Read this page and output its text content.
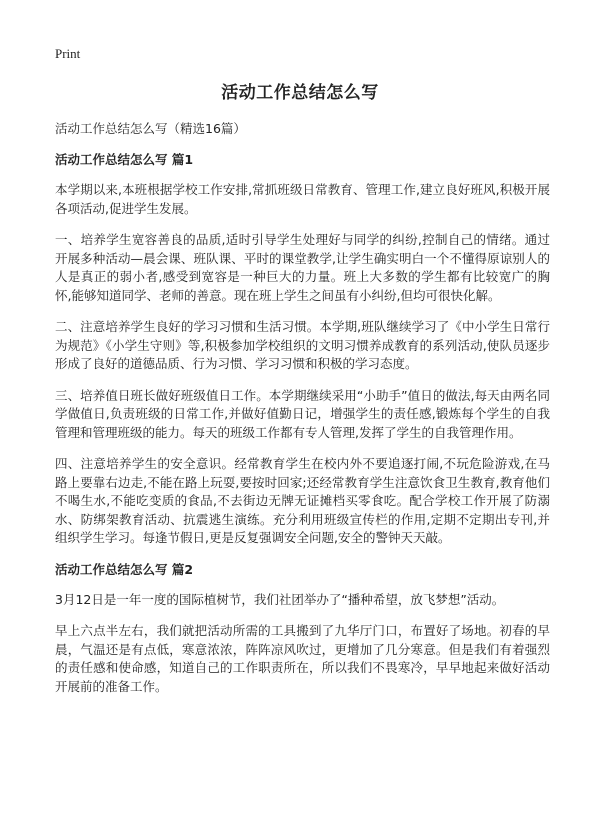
Print
活动工作总结怎么写

活动工作总结怎么写（精选16篇）

活动工作总结怎么写 篇1

本学期以来,本班根据学校工作安排,常抓班级日常教育、管理工作,建立良好班风,积极开展各项活动,促进学生发展。

一、培养学生宽容善良的品质,适时引导学生处理好与同学的纠纷,控制自己的情绪。通过开展多种活动—晨会课、班队课、平时的课堂教学,让学生确实明白一个不懂得原谅别人的人是真正的弱小者,感受到宽容是一种巨大的力量。班上大多数的学生都有比较宽广的胸怀,能够知道同学、老师的善意。现在班上学生之间虽有小纠纷,但均可很快化解。

二、注意培养学生良好的学习习惯和生活习惯。本学期,班队继续学习了《中小学生日常行为规范》《小学生守则》等,积极参加学校组织的文明习惯养成教育的系列活动,使队员逐步形成了良好的道德品质、行为习惯、学习习惯和积极的学习态度。

三、培养值日班长做好班级值日工作。本学期继续采用“小助手”值日的做法,每天由两名同学做值日,负责班级的日常工作,并做好值勤日记，增强学生的责任感,锻炼每个学生的自我管理和管理班级的能力。每天的班级工作都有专人管理,发挥了学生的自我管理作用。

四、注意培养学生的安全意识。经常教育学生在校内外不要追逐打闹,不玩危险游戏,在马路上要靠右边走,不能在路上玩耍,要按时回家;还经常教育学生注意饮食卫生教育,教育他们不喝生水,不能吃变质的食品,不去街边无牌无证摊档买零食吃。配合学校工作开展了防溺水、防绑架教育活动、抗震逃生演练。充分利用班级宣传栏的作用,定期不定期出专刊,并组织学生学习。每逢节假日,更是反复强调安全问题,安全的警钟天天敲。

活动工作总结怎么写 篇2

3月12日是一年一度的国际植树节，我们社团举办了“播种希望，放飞梦想”活动。

早上六点半左右，我们就把活动所需的工具搬到了九华厅门口，布置好了场地。初春的早晨，气温还是有点低，寒意浓浓，阵阵凉风吹过，更增加了几分寒意。但是我们有着强烈的责任感和使命感，知道自己的工作职责所在，所以我们不畏寒冷，早早地起来做好活动开展前的准备工作。
